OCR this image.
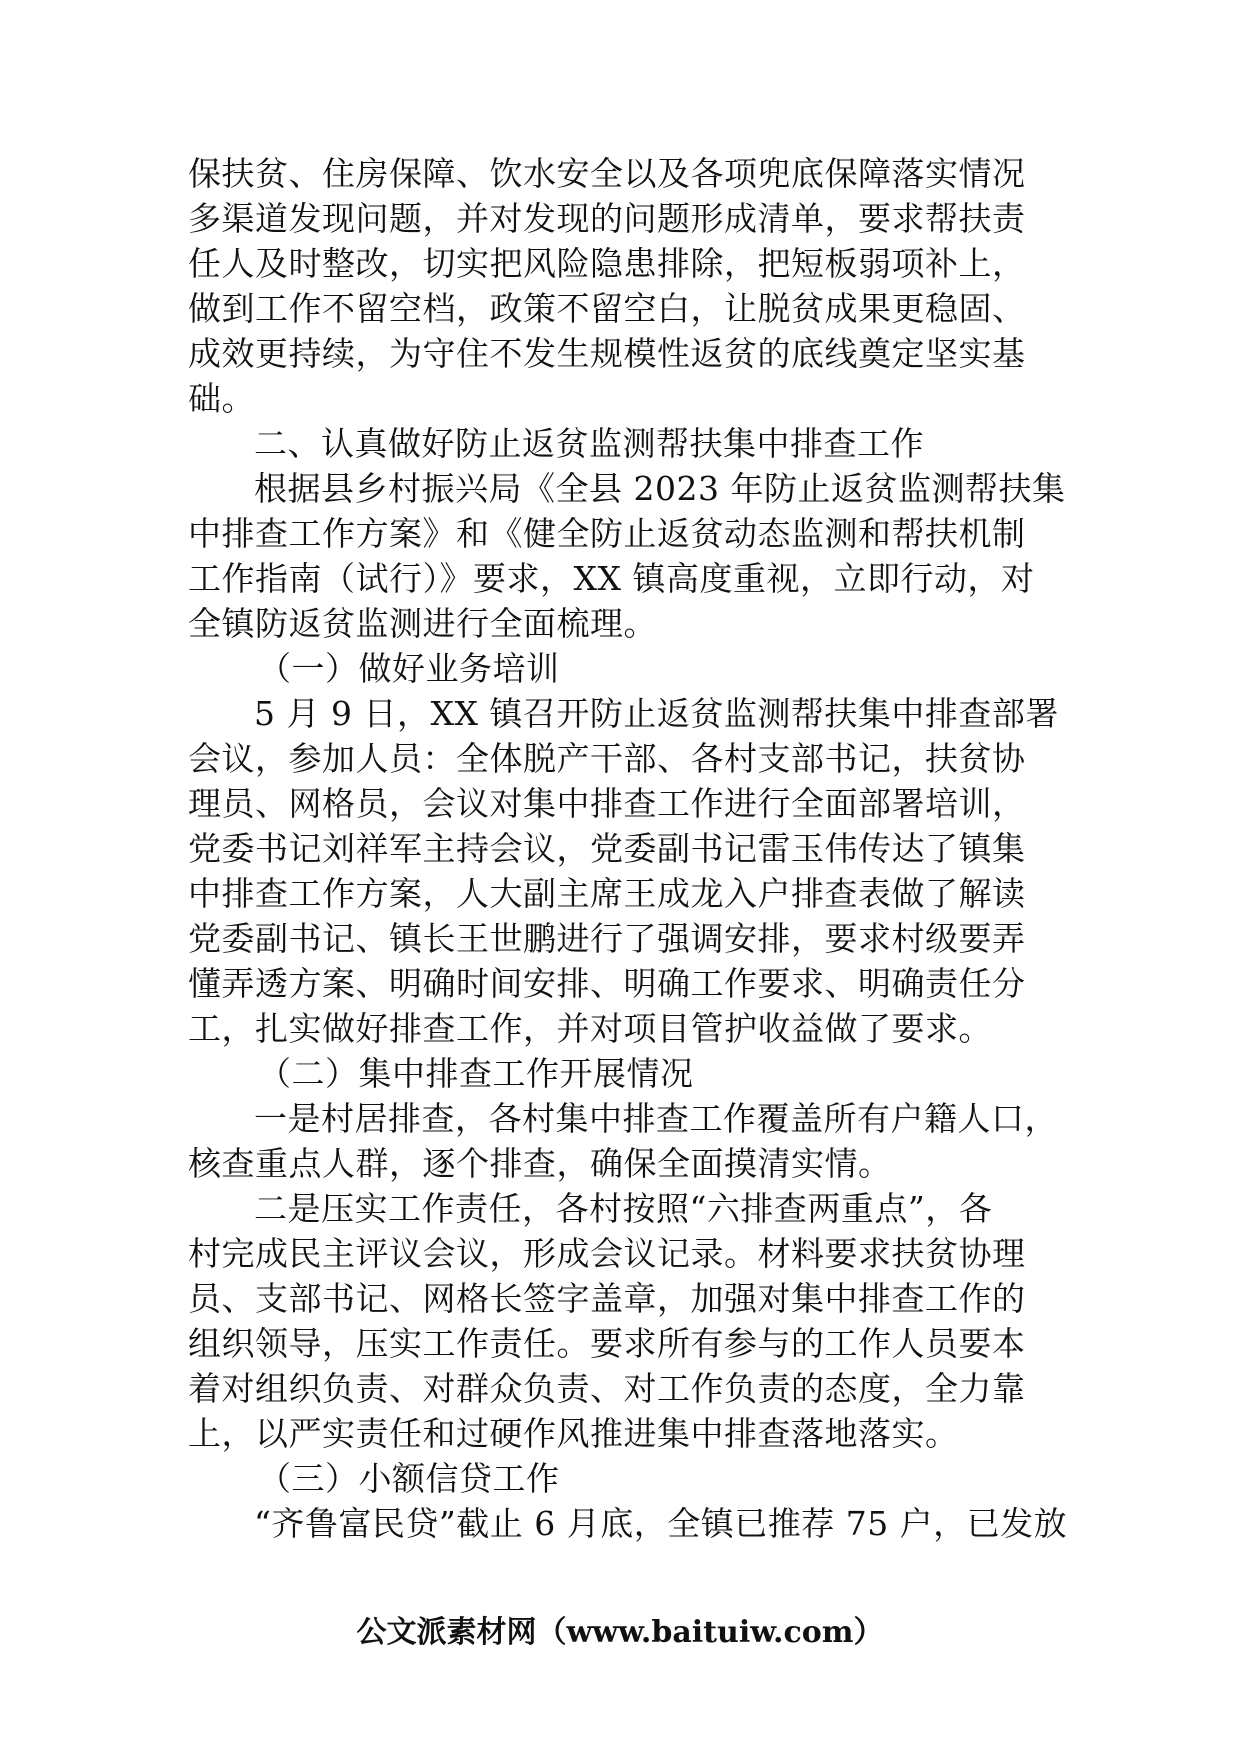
保扶贫、住房保障、饮水安全以及各项兜底保障落实情况
多渠道发现问题，并对发现的问题形成清单，要求帮扶责
任人及时整改，切实把风险隐患排除，把短板弱项补上，
做到工作不留空档，政策不留空白，让脱贫成果更稳固、
成效更持续，为守住不发生规模性返贫的底线奠定坚实基
础。
二、认真做好防止返贫监测帮扶集中排查工作
根据县乡村振兴局《全县 2023 年防止返贫监测帮扶集
中排查工作方案》和《健全防止返贫动态监测和帮扶机制
工作指南（试行）》要求，XX 镇高度重视，立即行动，对
全镇防返贫监测进行全面梳理。
（一）做好业务培训
5 月 9 日，XX 镇召开防止返贫监测帮扶集中排查部署
会议，参加人员：全体脱产干部、各村支部书记，扶贫协
理员、网格员，会议对集中排查工作进行全面部署培训，
党委书记刘祥军主持会议，党委副书记雷玉伟传达了镇集
中排查工作方案，人大副主席王成龙入户排查表做了解读
党委副书记、镇长王世鹏进行了强调安排，要求村级要弄
懂弄透方案、明确时间安排、明确工作要求、明确责任分
工，扎实做好排查工作，并对项目管护收益做了要求。
（二）集中排查工作开展情况
一是村居排查，各村集中排查工作覆盖所有户籍人口，
核查重点人群，逐个排查，确保全面摸清实情。
二是压实工作责任，各村按照“六排查两重点”，各
村完成民主评议会议，形成会议记录。材料要求扶贫协理
员、支部书记、网格长签字盖章，加强对集中排查工作的
组织领导，压实工作责任。要求所有参与的工作人员要本
着对组织负责、对群众负责、对工作负责的态度，全力靠
上，以严实责任和过硬作风推进集中排查落地落实。
（三）小额信贷工作
“齐鲁富民贷”截止 6 月底，全镇已推荐 75 户，已发放
公文派素材网（www.baituiw.com）
